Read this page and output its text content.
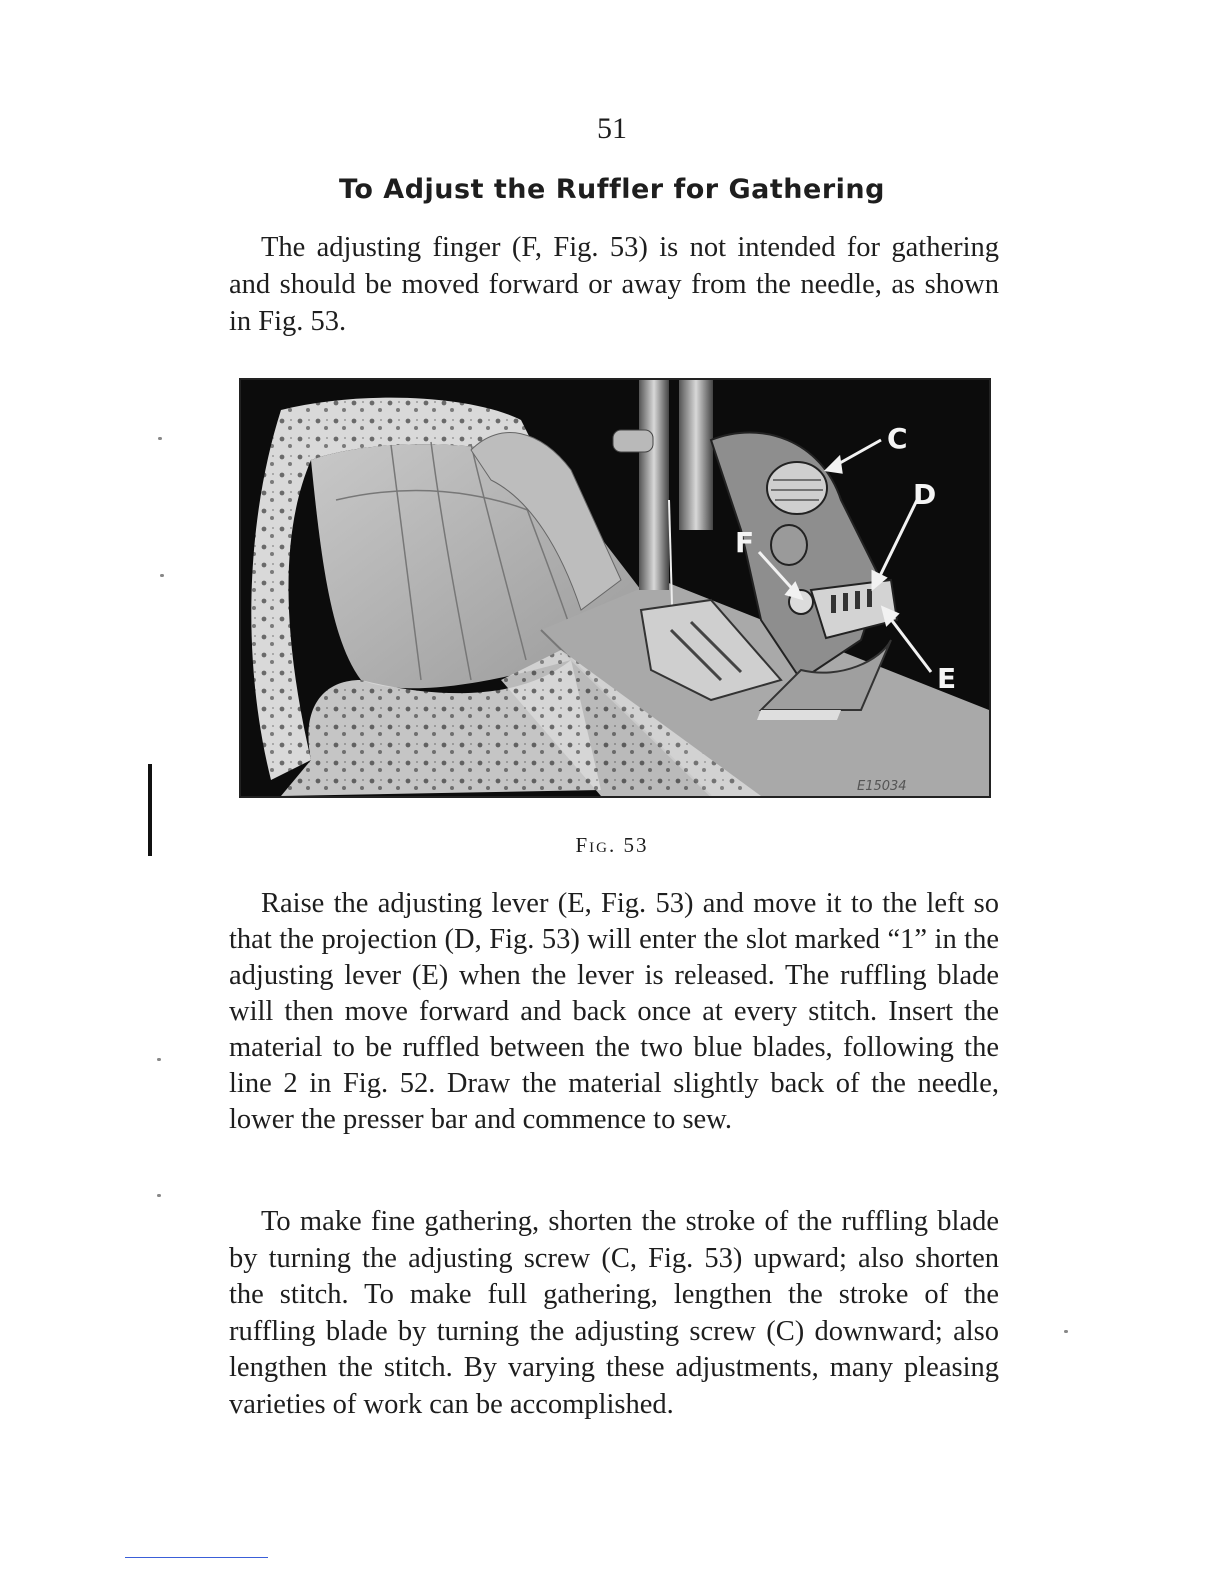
51
To Adjust the Ruffler for Gathering

The adjusting finger (F, Fig. 53) is not intended for gathering and should be moved forward or away from the needle, as shown in Fig. 53.

C
D
E
F
E15034
Fig. 53

Raise the adjusting lever (E, Fig. 53) and move it to the left so that the projection (D, Fig. 53) will enter the slot marked “1” in the adjusting lever (E) when the lever is released. The ruffling blade will then move forward and back once at every stitch. Insert the material to be ruffled between the two blue blades, following the line 2 in Fig. 52. Draw the material slightly back of the needle, lower the presser bar and commence to sew.

To make fine gathering, shorten the stroke of the ruffling blade by turning the adjusting screw (C, Fig. 53) upward; also shorten the stitch. To make full gathering, lengthen the stroke of the ruffling blade by turning the adjusting screw (C) downward; also lengthen the stitch. By varying these adjustments, many pleasing varieties of work can be accomplished.
